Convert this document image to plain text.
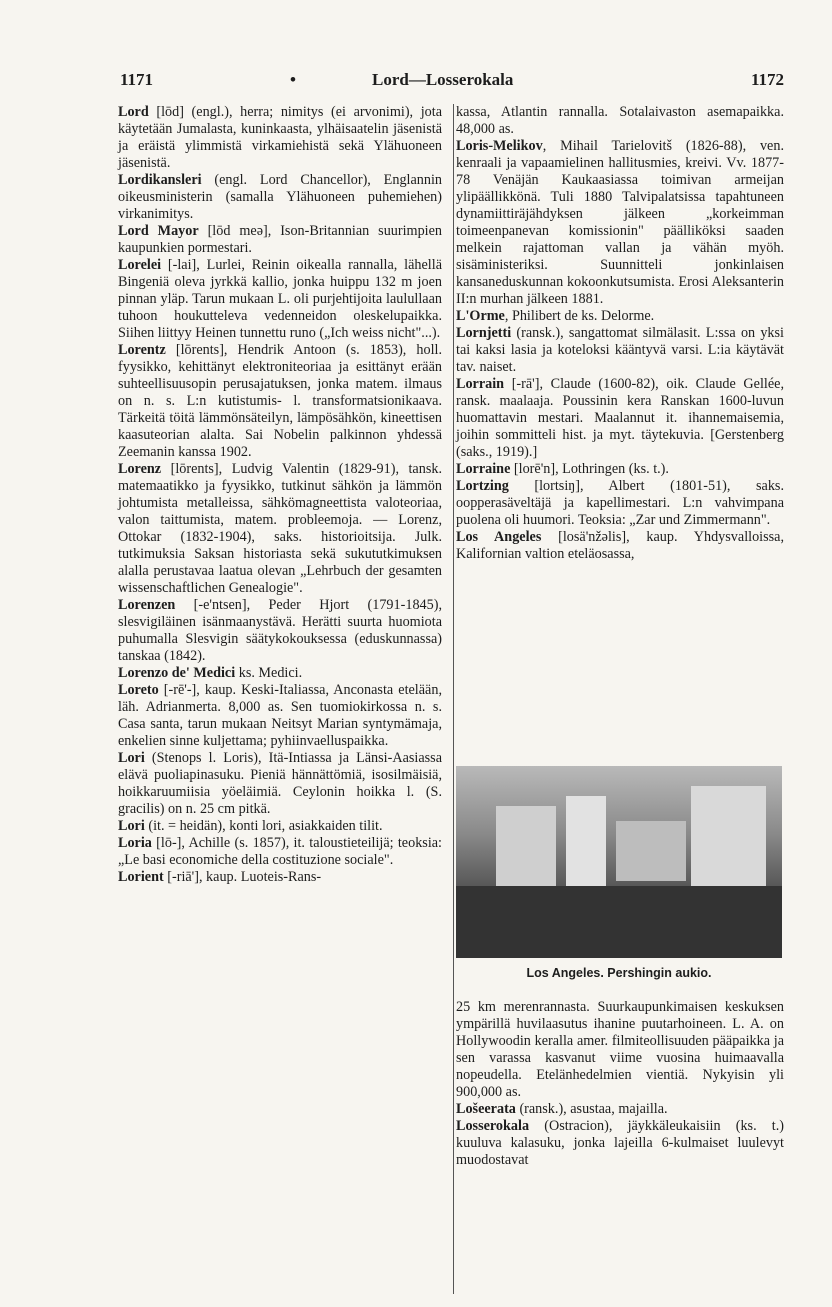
1171	•	Lord—Losserokala	1172

Lord [lōd] (engl.), herra; nimitys (ei arvonimi), jota käytetään Jumalasta, kuninkaasta, ylhäisaatelin jäsenistä ja eräistä ylimmistä virkamiehistä sekä Ylähuoneen jäsenistä.

Lordikansleri (engl. Lord Chancellor), Englannin oikeusministerin (samalla Ylähuoneen puhemiehen) virkanimitys.

Lord Mayor [lōd meə], Ison-Britannian suurimpien kaupunkien pormestari.

Lorelei [-lai], Lurlei, Reinin oikealla rannalla, lähellä Bingeniä oleva jyrkkä kallio, jonka huippu 132 m joen pinnan yläp. Tarun mukaan L. oli purjehtijoita laulullaan tuhoon houkutteleva vedenneidon oleskelupaikka. Siihen liittyy Heinen tunnettu runo („Ich weiss nicht"...).

Lorentz [lōrents], Hendrik Antoon (s. 1853), holl. fyysikko, kehittänyt elektroniteoriaa ja esittänyt erään suhteellisuusopin perusajatuksen, jonka matem. ilmaus on n. s. L:n kutistumis- l. transformatsionikaava. Tärkeitä töitä lämmönsäteilyn, lämpösähkön, kineettisen kaasuteorian alalta. Sai Nobelin palkinnon yhdessä Zeemanin kanssa 1902.

Lorenz [lōrents], Ludvig Valentin (1829-91), tansk. matemaatikko ja fyysikko, tutkinut sähkön ja lämmön johtumista metalleissa, sähkömagneettista valoteoriaa, valon taittumista, matem. probleemoja. — Lorenz, Ottokar (1832-1904), saks. historioitsija. Julk. tutkimuksia Saksan historiasta sekä sukututkimuksen alalla perustavaa laatua olevan „Lehrbuch der gesamten wissenschaftlichen Genealogie".

Lorenzen [-e'ntsen], Peder Hjort (1791-1845), slesvigiläinen isänmaanystävä. Herätti suurta huomiota puhumalla Slesvigin säätykokouksessa (eduskunnassa) tanskaa (1842).

Lorenzo de' Medici ks. Medici.

Loreto [-rē'-], kaup. Keski-Italiassa, Anconasta etelään, läh. Adrianmerta. 8,000 as. Sen tuomiokirkossa n. s. Casa santa, tarun mukaan Neitsyt Marian syntymämaja, enkelien sinne kuljettama; pyhiinvaelluspaikka.

Lori (Stenops l. Loris), Itä-Intiassa ja Länsi-Aasiassa elävä puoliapinasuku. Pieniä hännättömiä, isosilmäisiä, hoikkaruumiisia yöeläimiä. Ceylonin hoikka l. (S. gracilis) on n. 25 cm pitkä.

Lori (it. = heidän), konti lori, asiakkaiden tilit.

Loria [lō-], Achille (s. 1857), it. taloustieteilijä; teoksia: „Le basi economiche della costituzione sociale".

Lorient [-riā'], kaup. Luoteis-Rans-

kassa, Atlantin rannalla. Sotalaivaston asemapaikka. 48,000 as.

Loris-Melikov, Mihail Tarielovitš (1826-88), ven. kenraali ja vapaamielinen hallitusmies, kreivi. Vv. 1877-78 Venäjän Kaukaasiassa toimivan armeijan ylipäällikkönä. Tuli 1880 Talvipalatsissa tapahtuneen dynamiittiräjähdyksen jälkeen „korkeimman toimeenpanevan komissionin" päälliköksi saaden melkein rajattoman vallan ja vähän myöh. sisäministeriksi. Suunnitteli jonkinlaisen kansaneduskunnan kokoonkutsumista. Erosi Aleksanterin II:n murhan jälkeen 1881.

L'Orme, Philibert de ks. Delorme.

Lornjetti (ransk.), sangattomat silmälasit. L:ssa on yksi tai kaksi lasia ja koteloksi kääntyvä varsi. L:ia käytävät tav. naiset.

Lorrain [-rā'], Claude (1600-82), oik. Claude Gellée, ransk. maalaaja. Poussinin kera Ranskan 1600-luvun huomattavin mestari. Maalannut it. ihannemaisemia, joihin sommitteli hist. ja myt. täytekuvia. [Gerstenberg (saks., 1919).]

Lorraine [lorē'n], Lothringen (ks. t.).

Lortzing [lortsiŋ], Albert (1801-51), saks. oopperasäveltäjä ja kapellimestari. L:n vahvimpana puolena oli huumori. Teoksia: „Zar und Zimmermann".

Los Angeles [losä'nžəlis], kaup. Yhdysvalloissa, Kalifornian valtion eteläosassa,

Los Angeles. Pershingin aukio.

25 km merenrannasta. Suurkaupunkimaisen keskuksen ympärillä huvilaasutus ihanine puutarhoineen. L. A. on Hollywoodin keralla amer. filmiteollisuuden pääpaikka ja sen varassa kasvanut viime vuosina huimaavalla nopeudella. Etelänhedelmien vientiä. Nykyisin yli 900,000 as.

Lošeerata (ransk.), asustaa, majailla.

Losserokala (Ostracion), jäykkäleukaisiin (ks. t.) kuuluva kalasuku, jonka lajeilla 6-kulmaiset luulevyt muodostavat
